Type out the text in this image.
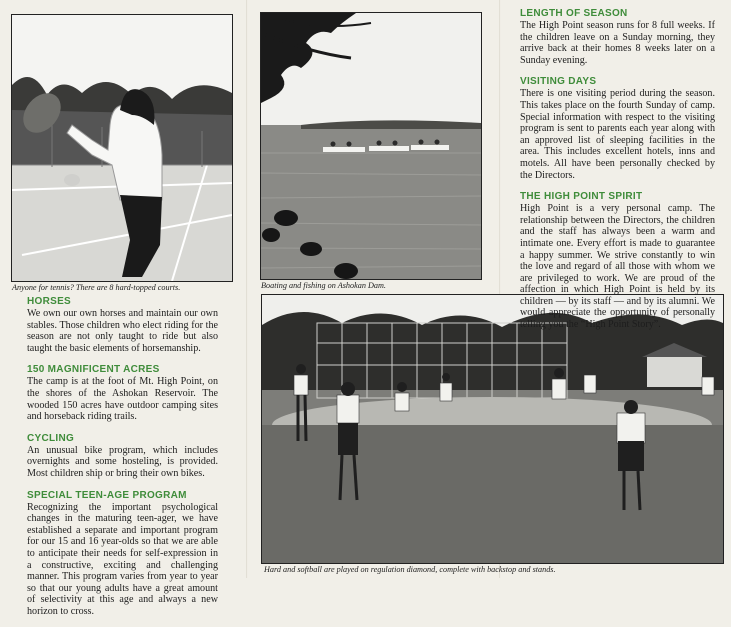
Anyone for tennis? There are 8 hard-topped courts.	Boating and fishing on Ashokan Dam.
Hard and softball are played on regulation diamond, complete with backstop and stands.
HORSES

We own our own horses and maintain our own stables. Those children who elect riding for the season are not only taught to ride but also taught the basic elements of horsemanship.

150 MAGNIFICENT ACRES

The camp is at the foot of Mt. High Point, on the shores of the Ashokan Reservoir. The wooded 150 acres have outdoor camping sites and horseback riding trails.

CYCLING

An unusual bike program, which includes overnights and some hosteling, is provided. Most children ship or bring their own bikes.

SPECIAL TEEN-AGE PROGRAM

Recognizing the important psychological changes in the maturing teen-ager, we have established a separate and important program for our 15 and 16 year-olds so that we are able to anticipate their needs for self-expression in a constructive, exciting and challenging manner. This program varies from year to year so that our young adults have a great amount of selectivity at this age and always a new horizon to cross.

LENGTH OF SEASON

The High Point season runs for 8 full weeks. If the children leave on a Sunday morning, they arrive back at their homes 8 weeks later on a Sunday evening.

VISITING DAYS

There is one visiting period during the season. This takes place on the fourth Sunday of camp. Special information with respect to the visiting program is sent to parents each year along with an approved list of sleeping facilities in the area. This includes excellent hotels, inns and motels. All have been personally checked by the Directors.

THE HIGH POINT SPIRIT

High Point is a very personal camp. The relationship between the Directors, the children and the staff has always been a warm and intimate one. Every effort is made to guarantee a happy summer. We strive constantly to win the love and regard of all those with whom we are privileged to work. We are proud of the affection in which High Point is held by its children — by its staff — and by its alumni. We would appreciate the opportunity of personally telling you the “High Point Story”.
